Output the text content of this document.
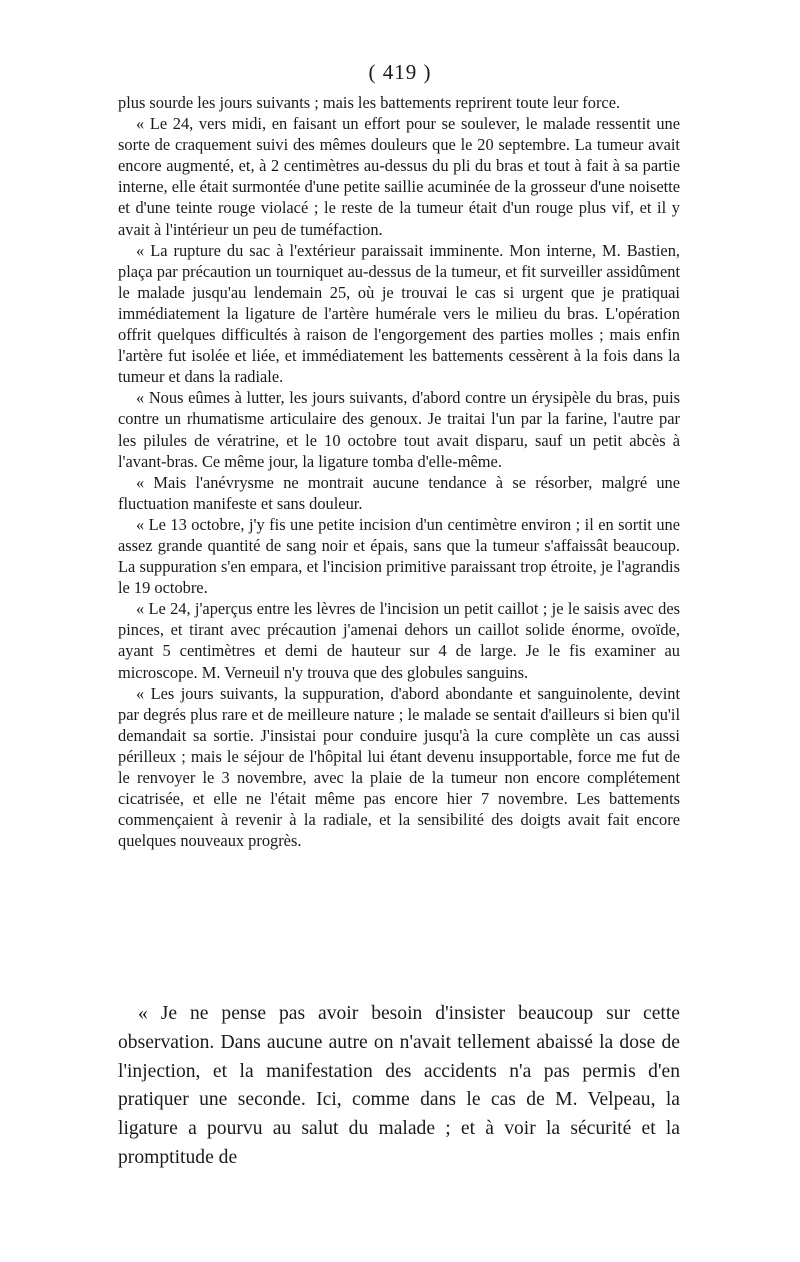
( 419 )

plus sourde les jours suivants ; mais les battements reprirent toute leur force.

« Le 24, vers midi, en faisant un effort pour se soulever, le malade ressentit une sorte de craquement suivi des mêmes douleurs que le 20 septembre. La tumeur avait encore augmenté, et, à 2 centimètres au-dessus du pli du bras et tout à fait à sa partie interne, elle était surmontée d'une petite saillie acuminée de la grosseur d'une noisette et d'une teinte rouge violacé ; le reste de la tumeur était d'un rouge plus vif, et il y avait à l'intérieur un peu de tuméfaction.

« La rupture du sac à l'extérieur paraissait imminente. Mon interne, M. Bastien, plaça par précaution un tourniquet au-dessus de la tumeur, et fit surveiller assidûment le malade jusqu'au lendemain 25, où je trouvai le cas si urgent que je pratiquai immédiatement la ligature de l'artère humérale vers le milieu du bras. L'opération offrit quelques difficultés à raison de l'engorgement des parties molles ; mais enfin l'artère fut isolée et liée, et immédiatement les battements cessèrent à la fois dans la tumeur et dans la radiale.

« Nous eûmes à lutter, les jours suivants, d'abord contre un érysipèle du bras, puis contre un rhumatisme articulaire des genoux. Je traitai l'un par la farine, l'autre par les pilules de vératrine, et le 10 octobre tout avait disparu, sauf un petit abcès à l'avant-bras. Ce même jour, la ligature tomba d'elle-même.

« Mais l'anévrysme ne montrait aucune tendance à se résorber, malgré une fluctuation manifeste et sans douleur.

« Le 13 octobre, j'y fis une petite incision d'un centimètre environ ; il en sortit une assez grande quantité de sang noir et épais, sans que la tumeur s'affaissât beaucoup. La suppuration s'en empara, et l'incision primitive paraissant trop étroite, je l'agrandis le 19 octobre.

« Le 24, j'aperçus entre les lèvres de l'incision un petit caillot ; je le saisis avec des pinces, et tirant avec précaution j'amenai dehors un caillot solide énorme, ovoïde, ayant 5 centimètres et demi de hauteur sur 4 de large. Je le fis examiner au microscope. M. Verneuil n'y trouva que des globules sanguins.

« Les jours suivants, la suppuration, d'abord abondante et sanguinolente, devint par degrés plus rare et de meilleure nature ; le malade se sentait d'ailleurs si bien qu'il demandait sa sortie. J'insistai pour conduire jusqu'à la cure complète un cas aussi périlleux ; mais le séjour de l'hôpital lui étant devenu insupportable, force me fut de le renvoyer le 3 novembre, avec la plaie de la tumeur non encore complétement cicatrisée, et elle ne l'était même pas encore hier 7 novembre. Les battements commençaient à revenir à la radiale, et la sensibilité des doigts avait fait encore quelques nouveaux progrès.

« Je ne pense pas avoir besoin d'insister beaucoup sur cette observation. Dans aucune autre on n'avait tellement abaissé la dose de l'injection, et la manifestation des accidents n'a pas permis d'en pratiquer une seconde. Ici, comme dans le cas de M. Velpeau, la ligature a pourvu au salut du malade ; et à voir la sécurité et la promptitude de
